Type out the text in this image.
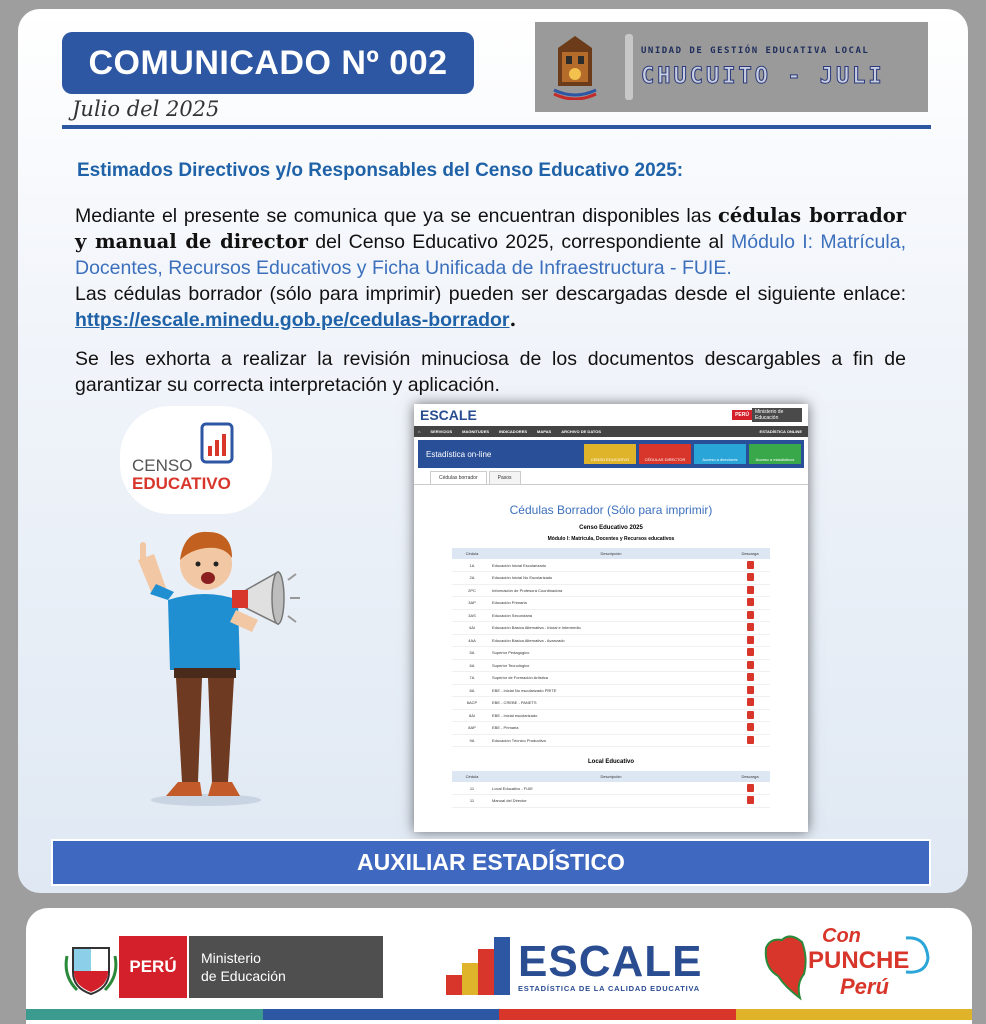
COMUNICADO Nº 002
Julio del 2025
UNIDAD DE GESTIÓN EDUCATIVA LOCAL
CHUCUITO - JULI
Estimados Directivos y/o Responsables del Censo Educativo 2025:
Mediante el presente se comunica que ya se encuentran disponibles las cédulas borrador y manual de director del Censo Educativo 2025, correspondiente al Módulo I: Matrícula, Docentes, Recursos Educativos y Ficha Unificada de Infraestructura - FUIE.
Las cédulas borrador (sólo para imprimir) pueden ser descargadas desde el siguiente enlace: https://escale.minedu.gob.pe/cedulas-borrador.
Se les exhorta a realizar la revisión minuciosa de los documentos descargables a fin de garantizar su correcta interpretación y aplicación.
CENSO
EDUCATIVO
ESCALE	PERÚ	Ministerio de Educación
⌂	SERVICIOS	MAGNITUDES	INDICADORES	MAPAS	ARCHIVO DE DATOS	ESTADÍSTICA ONLINE
Estadística on-line
CENSO EDUCATIVO	CÉDULAS DIRECTOR	Acceso a directores	Acceso a estadísticos
Cédulas borrador	Pasos
Cédulas Borrador (Sólo para imprimir)
Censo Educativo 2025
Módulo I: Matrícula, Docentes y Recursos educativos
Cédula	Descripción	Descarga
1A	Educación Inicial Escolarizado	
2A	Educación Inicial No Escolarizado	
2PC	Información de Profesora Coordinadora	
3AP	Educación Primaria	
3AS	Educación Secundaria	
4AI	Educación Básica Alternativa - Inicial e Intermedio	
4AA	Educación Básica Alternativa - Avanzado	
5A	Superior Pedagógico	
6A	Superior Tecnológico	
7A	Superior de Formación Artística	
8A	EBE - Inicial No escolarizado PRITE	
8ACP	EBE - CREBE - PANETS	
8AI	EBE - Inicial escolarizado	
8AP	EBE - Primaria	
9A	Educación Técnico Productiva	
Local Educativo
Cédula	Descripción	Descarga
11	Local Educativo - FUIE	
11	Manual del Director	
AUXILIAR ESTADÍSTICO
PERÚ	Ministerio
de Educación	ESCALE
ESTADÍSTICA DE LA CALIDAD EDUCATIVA
Con
PUNCHE
Perú
